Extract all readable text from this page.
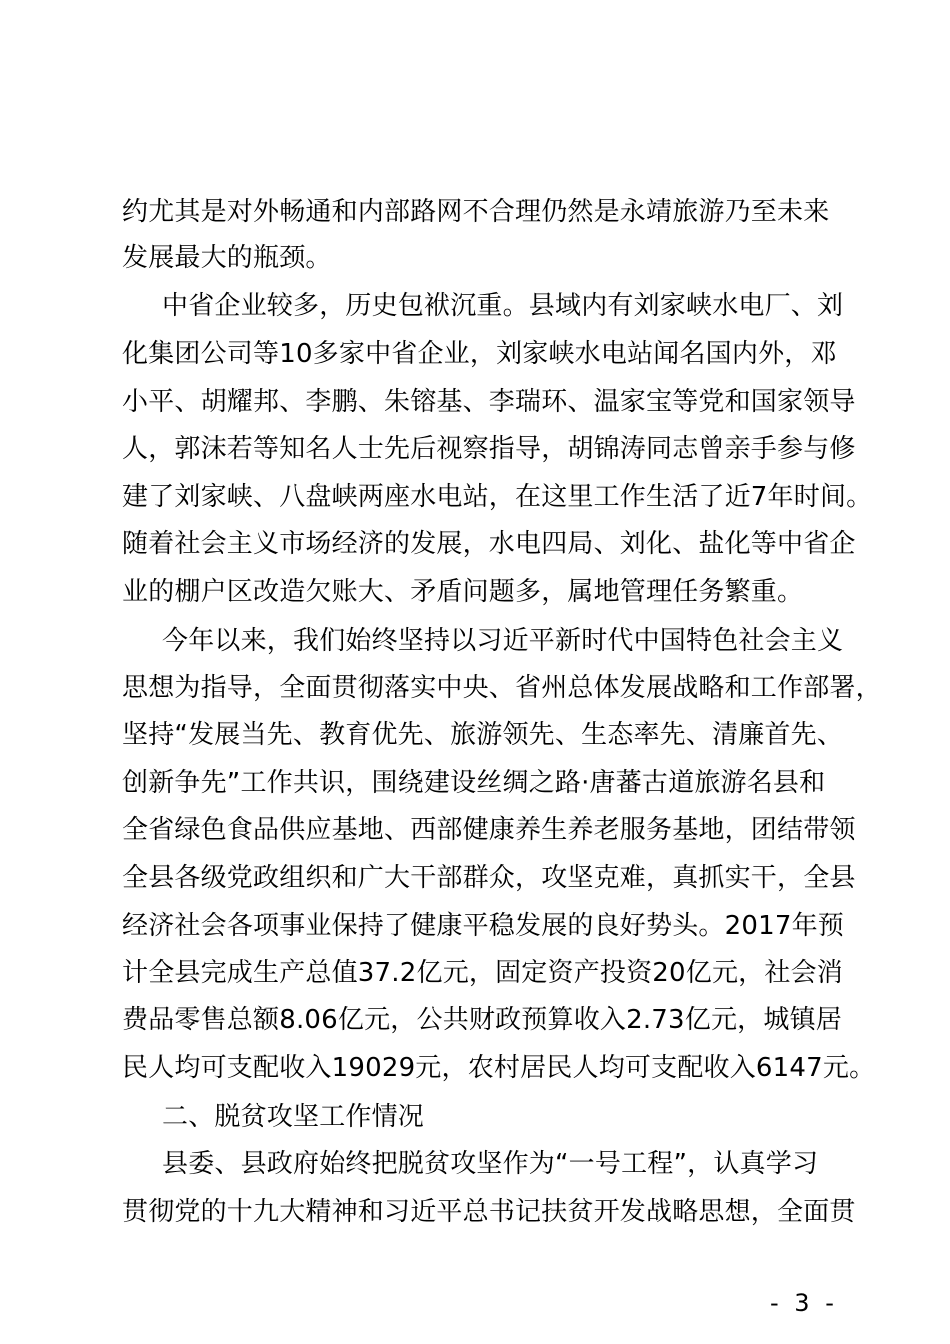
约尤其是对外畅通和内部路网不合理仍然是永靖旅游乃至未来
发展最大的瓶颈。
中省企业较多，历史包袱沉重。县域内有刘家峡水电厂、刘
化集团公司等10多家中省企业，刘家峡水电站闻名国内外，邓
小平、胡耀邦、李鹏、朱镕基、李瑞环、温家宝等党和国家领导
人，郭沫若等知名人士先后视察指导，胡锦涛同志曾亲手参与修
建了刘家峡、八盘峡两座水电站，在这里工作生活了近7年时间。
随着社会主义市场经济的发展，水电四局、刘化、盐化等中省企
业的棚户区改造欠账大、矛盾问题多，属地管理任务繁重。
今年以来，我们始终坚持以习近平新时代中国特色社会主义
思想为指导，全面贯彻落实中央、省州总体发展战略和工作部署，
坚持“发展当先、教育优先、旅游领先、生态率先、清廉首先、
创新争先”工作共识，围绕建设丝绸之路·唐蕃古道旅游名县和
全省绿色食品供应基地、西部健康养生养老服务基地，团结带领
全县各级党政组织和广大干部群众，攻坚克难，真抓实干，全县
经济社会各项事业保持了健康平稳发展的良好势头。2017年预
计全县完成生产总值37.2亿元，固定资产投资20亿元，社会消
费品零售总额8.06亿元，公共财政预算收入2.73亿元，城镇居
民人均可支配收入19029元，农村居民人均可支配收入6147元。
二、脱贫攻坚工作情况
县委、县政府始终把脱贫攻坚作为“一号工程”，认真学习
贯彻党的十九大精神和习近平总书记扶贫开发战略思想，全面贯
- 3 -
